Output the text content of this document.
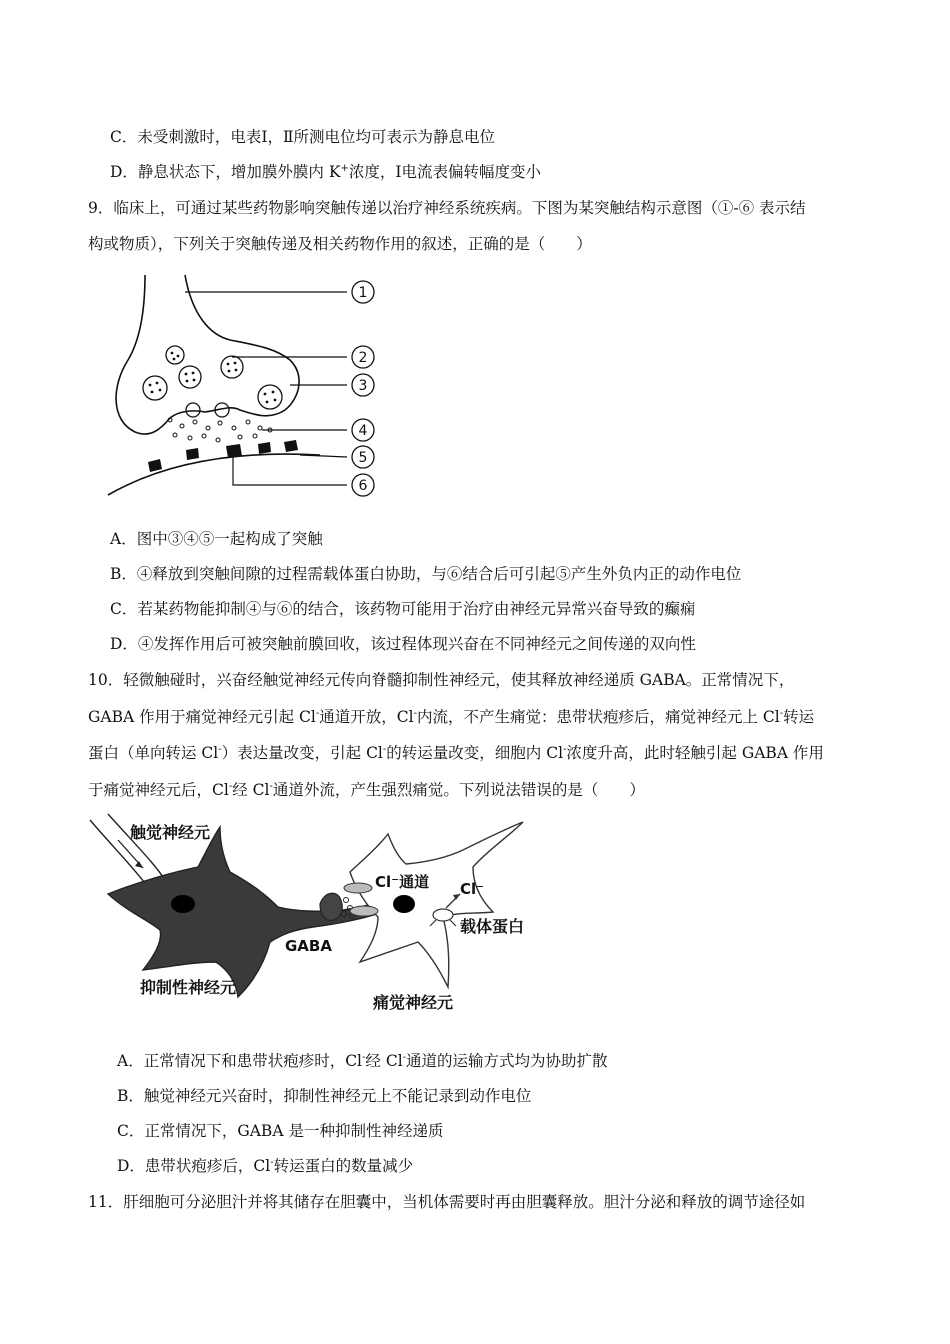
C．未受刺激时，电表Ⅰ，Ⅱ所测电位均可表示为静息电位
D．静息状态下，增加膜外膜内 K+浓度，Ⅰ电流表偏转幅度变小
9．临床上，可通过某些药物影响突触传递以治疗神经系统疾病。下图为某突触结构示意图（①-⑥ 表示结
构或物质），下列关于突触传递及相关药物作用的叙述，正确的是（　　）
1
2
3
4
5
6
A．图中③④⑤一起构成了突触
B．④释放到突触间隙的过程需载体蛋白协助，与⑥结合后可引起⑤产生外负内正的动作电位
C．若某药物能抑制④与⑥的结合，该药物可能用于治疗由神经元异常兴奋导致的癫痫
D．④发挥作用后可被突触前膜回收，该过程体现兴奋在不同神经元之间传递的双向性
10．轻微触碰时，兴奋经触觉神经元传向脊髓抑制性神经元，使其释放神经递质 GABA。正常情况下，
GABA 作用于痛觉神经元引起 Cl-通道开放，Cl-内流，不产生痛觉：患带状疱疹后，痛觉神经元上 Cl-转运
蛋白（单向转运 Cl-）表达量改变，引起 Cl-的转运量改变，细胞内 Cl-浓度升高，此时轻触引起 GABA 作用
于痛觉神经元后，Cl-经 Cl-通道外流，产生强烈痛觉。下列说法错误的是（　　）
触觉神经元
Cl⁻通道 Cl⁻
载体蛋白
GABA
抑制性神经元
痛觉神经元
A．正常情况下和患带状疱疹时，Cl-经 Cl-通道的运输方式均为协助扩散
B．触觉神经元兴奋时，抑制性神经元上不能记录到动作电位
C．正常情况下，GABA 是一种抑制性神经递质
D．患带状疱疹后，Cl-转运蛋白的数量减少
11．肝细胞可分泌胆汁并将其储存在胆囊中，当机体需要时再由胆囊释放。胆汁分泌和释放的调节途径如
